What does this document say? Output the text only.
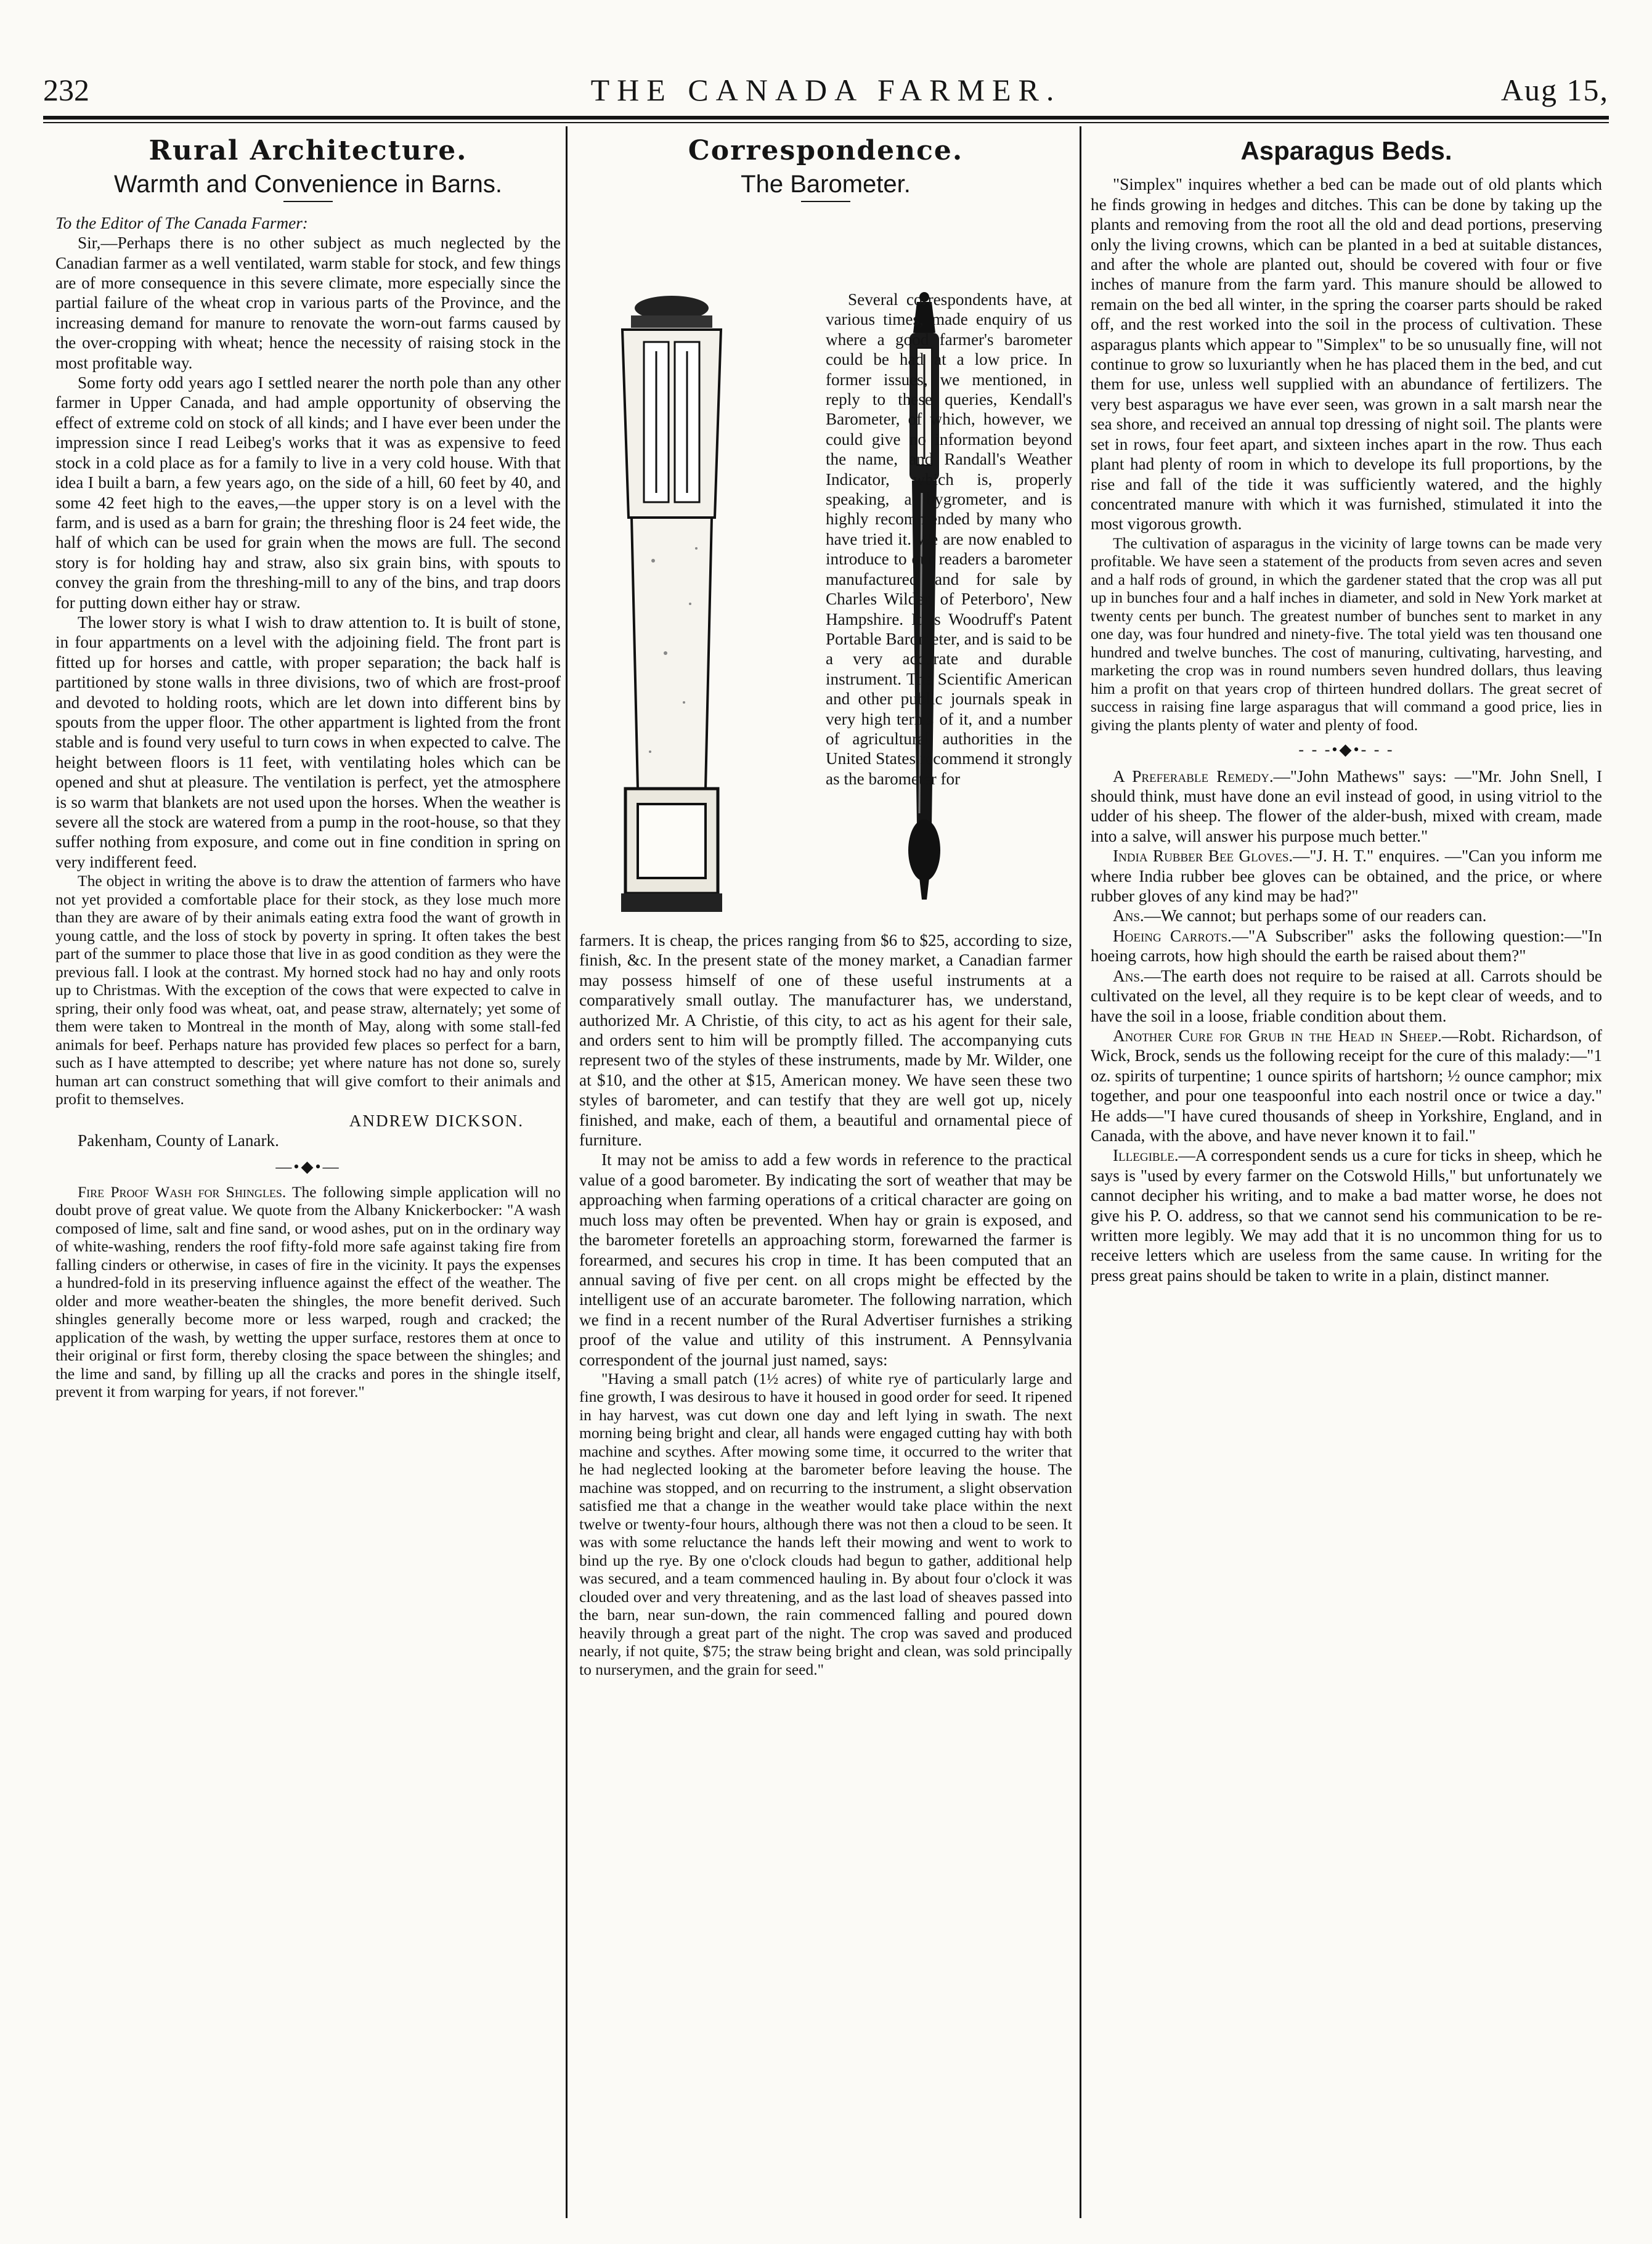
232	THE CANADA FARMER.	Aug 15,
Rural Architecture.
Warmth and Convenience in Barns.

To the Editor of The Canada Farmer:

Sir,—Perhaps there is no other subject as much neglected by the Canadian farmer as a well ventilated, warm stable for stock, and few things are of more consequence in this severe climate, more especially since the partial failure of the wheat crop in various parts of the Province, and the increasing demand for manure to renovate the worn-out farms caused by the over-cropping with wheat; hence the necessity of raising stock in the most profitable way.

Some forty odd years ago I settled nearer the north pole than any other farmer in Upper Canada, and had ample opportunity of observing the effect of extreme cold on stock of all kinds; and I have ever been under the impression since I read Leibeg's works that it was as expensive to feed stock in a cold place as for a family to live in a very cold house. With that idea I built a barn, a few years ago, on the side of a hill, 60 feet by 40, and some 42 feet high to the eaves,—the upper story is on a level with the farm, and is used as a barn for grain; the threshing floor is 24 feet wide, the half of which can be used for grain when the mows are full. The second story is for holding hay and straw, also six grain bins, with spouts to convey the grain from the threshing-mill to any of the bins, and trap doors for putting down either hay or straw.

The lower story is what I wish to draw attention to. It is built of stone, in four appartments on a level with the adjoining field. The front part is fitted up for horses and cattle, with proper separation; the back half is partitioned by stone walls in three divisions, two of which are frost-proof and devoted to holding roots, which are let down into different bins by spouts from the upper floor. The other appartment is lighted from the front stable and is found very useful to turn cows in when expected to calve. The height between floors is 11 feet, with ventilating holes which can be opened and shut at pleasure. The ventilation is perfect, yet the atmosphere is so warm that blankets are not used upon the horses. When the weather is severe all the stock are watered from a pump in the root-house, so that they suffer nothing from exposure, and come out in fine condition in spring on very indifferent feed.

The object in writing the above is to draw the attention of farmers who have not yet provided a comfortable place for their stock, as they lose much more than they are aware of by their animals eating extra food the want of growth in young cattle, and the loss of stock by poverty in spring. It often takes the best part of the summer to place those that live in as good condition as they were the previous fall. I look at the contrast. My horned stock had no hay and only roots up to Christmas. With the exception of the cows that were expected to calve in spring, their only food was wheat, oat, and pease straw, alternately; yet some of them were taken to Montreal in the month of May, along with some stall-fed animals for beef. Perhaps nature has provided few places so perfect for a barn, such as I have attempted to describe; yet where nature has not done so, surely human art can construct something that will give comfort to their animals and profit to themselves.

ANDREW DICKSON.
Pakenham, County of Lanark.
—•◆•—

Fire Proof Wash for Shingles. The following simple application will no doubt prove of great value. We quote from the Albany Knickerbocker: "A wash composed of lime, salt and fine sand, or wood ashes, put on in the ordinary way of white-washing, renders the roof fifty-fold more safe against taking fire from falling cinders or otherwise, in cases of fire in the vicinity. It pays the expenses a hundred-fold in its preserving influence against the effect of the weather. The older and more weather-beaten the shingles, the more benefit derived. Such shingles generally become more or less warped, rough and cracked; the application of the wash, by wetting the upper surface, restores them at once to their original or first form, thereby closing the space between the shingles; and the lime and sand, by filling up all the cracks and pores in the shingle itself, prevent it from warping for years, if not forever."

Correspondence.
The Barometer.

Several correspondents have, at various times, made enquiry of us where a good farmer's barometer could be had at a low price. In former issues, we mentioned, in reply to these queries, Kendall's Barometer, of which, however, we could give no information beyond the name, and Randall's Weather Indicator, which is, properly speaking, a hygrometer, and is highly recommended by many who have tried it. We are now enabled to introduce to our readers a barometer manufactured and for sale by Charles Wilder, of Peterboro', New Hampshire. It is Woodruff's Patent Portable Barometer, and is said to be a very accurate and durable instrument. The Scientific American and other public journals speak in very high terms of it, and a number of agricultural authorities in the United States recommend it strongly as the barometer for

farmers. It is cheap, the prices ranging from $6 to $25, according to size, finish, &c. In the present state of the money market, a Canadian farmer may possess himself of one of these useful instruments at a comparatively small outlay. The manufacturer has, we understand, authorized Mr. A Christie, of this city, to act as his agent for their sale, and orders sent to him will be promptly filled. The accompanying cuts represent two of the styles of these instruments, made by Mr. Wilder, one at $10, and the other at $15, American money. We have seen these two styles of barometer, and can testify that they are well got up, nicely finished, and make, each of them, a beautiful and ornamental piece of furniture.

It may not be amiss to add a few words in reference to the practical value of a good barometer. By indicating the sort of weather that may be approaching when farming operations of a critical character are going on much loss may often be prevented. When hay or grain is exposed, and the barometer foretells an approaching storm, forewarned the farmer is forearmed, and secures his crop in time. It has been computed that an annual saving of five per cent. on all crops might be effected by the intelligent use of an accurate barometer. The following narration, which we find in a recent number of the Rural Advertiser furnishes a striking proof of the value and utility of this instrument. A Pennsylvania correspondent of the journal just named, says:

"Having a small patch (1½ acres) of white rye of particularly large and fine growth, I was desirous to have it housed in good order for seed. It ripened in hay harvest, was cut down one day and left lying in swath. The next morning being bright and clear, all hands were engaged cutting hay with both machine and scythes. After mowing some time, it occurred to the writer that he had neglected looking at the barometer before leaving the house. The machine was stopped, and on recurring to the instrument, a slight observation satisfied me that a change in the weather would take place within the next twelve or twenty-four hours, although there was not then a cloud to be seen. It was with some reluctance the hands left their mowing and went to work to bind up the rye. By one o'clock clouds had begun to gather, additional help was secured, and a team commenced hauling in. By about four o'clock it was clouded over and very threatening, and as the last load of sheaves passed into the barn, near sun-down, the rain commenced falling and poured down heavily through a great part of the night. The crop was saved and produced nearly, if not quite, $75; the straw being bright and clean, was sold principally to nurserymen, and the grain for seed."

Asparagus Beds.

"Simplex" inquires whether a bed can be made out of old plants which he finds growing in hedges and ditches. This can be done by taking up the plants and removing from the root all the old and dead portions, preserving only the living crowns, which can be planted in a bed at suitable distances, and after the whole are planted out, should be covered with four or five inches of manure from the farm yard. This manure should be allowed to remain on the bed all winter, in the spring the coarser parts should be raked off, and the rest worked into the soil in the process of cultivation. These asparagus plants which appear to "Simplex" to be so unusually fine, will not continue to grow so luxuriantly when he has placed them in the bed, and cut them for use, unless well supplied with an abundance of fertilizers. The very best asparagus we have ever seen, was grown in a salt marsh near the sea shore, and received an annual top dressing of night soil. The plants were set in rows, four feet apart, and sixteen inches apart in the row. Thus each plant had plenty of room in which to develope its full proportions, by the rise and fall of the tide it was sufficiently watered, and the highly concentrated manure with which it was furnished, stimulated it into the most vigorous growth.

The cultivation of asparagus in the vicinity of large towns can be made very profitable. We have seen a statement of the products from seven acres and seven and a half rods of ground, in which the gardener stated that the crop was all put up in bunches four and a half inches in diameter, and sold in New York market at twenty cents per bunch. The greatest number of bunches sent to market in any one day, was four hundred and ninety-five. The total yield was ten thousand one hundred and twelve bunches. The cost of manuring, cultivating, harvesting, and marketing the crop was in round numbers seven hundred dollars, thus leaving him a profit on that years crop of thirteen hundred dollars. The great secret of success in raising fine large asparagus that will command a good price, lies in giving the plants plenty of water and plenty of food.

- - -•◆•- - -

A Preferable Remedy.—"John Mathews" says: —"Mr. John Snell, I should think, must have done an evil instead of good, in using vitriol to the udder of his sheep. The flower of the alder-bush, mixed with cream, made into a salve, will answer his purpose much better."

India Rubber Bee Gloves.—"J. H. T." enquires. —"Can you inform me where India rubber bee gloves can be obtained, and the price, or where rubber gloves of any kind may be had?"

Ans.—We cannot; but perhaps some of our readers can.

Hoeing Carrots.—"A Subscriber" asks the following question:—"In hoeing carrots, how high should the earth be raised about them?"

Ans.—The earth does not require to be raised at all. Carrots should be cultivated on the level, all they require is to be kept clear of weeds, and to have the soil in a loose, friable condition about them.

Another Cure for Grub in the Head in Sheep.—Robt. Richardson, of Wick, Brock, sends us the following receipt for the cure of this malady:—"1 oz. spirits of turpentine; 1 ounce spirits of hartshorn; ½ ounce camphor; mix together, and pour one teaspoonful into each nostril once or twice a day." He adds—"I have cured thousands of sheep in Yorkshire, England, and in Canada, with the above, and have never known it to fail."

Illegible.—A correspondent sends us a cure for ticks in sheep, which he says is "used by every farmer on the Cotswold Hills," but unfortunately we cannot decipher his writing, and to make a bad matter worse, he does not give his P. O. address, so that we cannot send his communication to be re-written more legibly. We may add that it is no uncommon thing for us to receive letters which are useless from the same cause. In writing for the press great pains should be taken to write in a plain, distinct manner.
